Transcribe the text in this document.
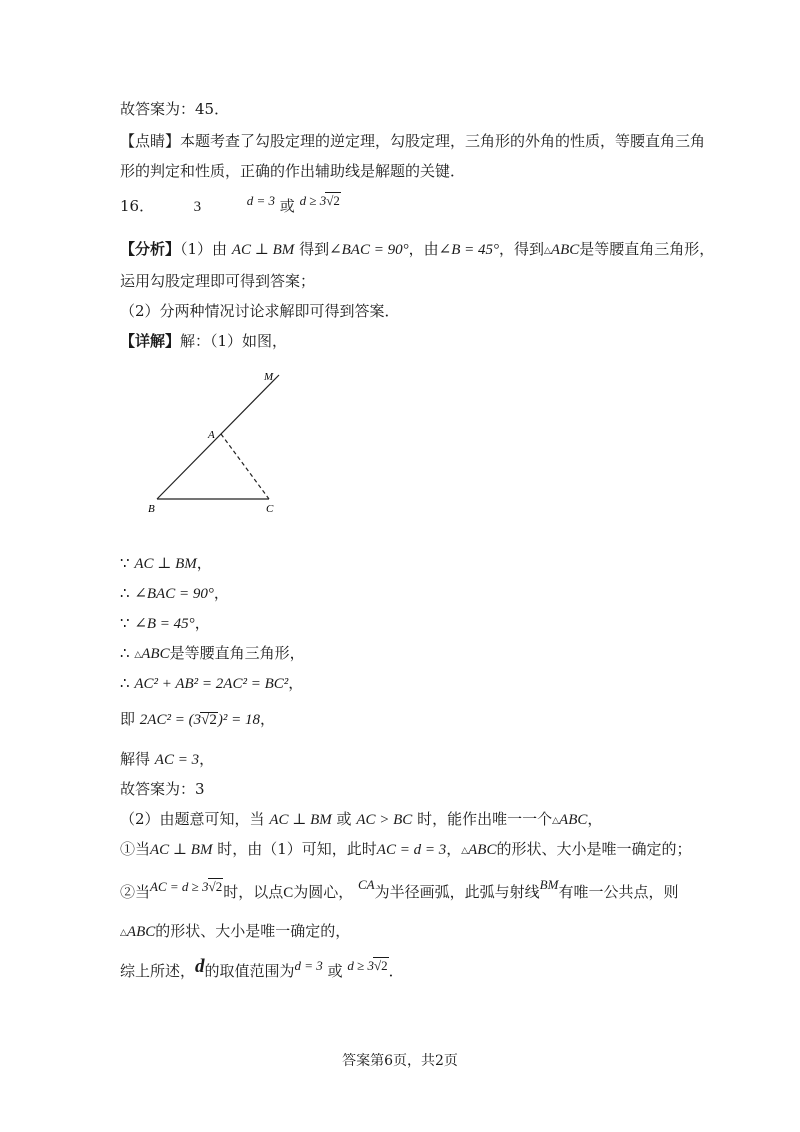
故答案为：45．
【点睛】本题考查了勾股定理的逆定理，勾股定理，三角形的外角的性质，等腰直角三角
形的判定和性质，正确的作出辅助线是解题的关键．
16．	3	d = 3 或 d ≥ 3√2
【分析】（1）由 AC ⊥ BM 得到∠BAC = 90°，由∠B = 45°，得到△ABC是等腰直角三角形，
运用勾股定理即可得到答案；
（2）分两种情况讨论求解即可得到答案．
【详解】解：（1）如图，
M
A
B	C
∵ AC ⊥ BM，
∴ ∠BAC = 90°，
∵ ∠B = 45°，
∴ △ABC是等腰直角三角形，
∴ AC² + AB² = 2AC² = BC²，
即 2AC² = (3√2)² = 18，
解得 AC = 3，
故答案为：3
（2）由题意可知，当 AC ⊥ BM 或 AC > BC 时，能作出唯一一个△ABC，
①当AC ⊥ BM 时，由（1）可知，此时AC = d = 3，△ABC的形状、大小是唯一确定的；
②当AC = d ≥ 3√2时，以点C为圆心， CA为半径画弧，此弧与射线BM有唯一公共点，则
△ABC的形状、大小是唯一确定的，
综上所述，d的取值范围为d = 3 或 d ≥ 3√2．
答案第6页，共2页
